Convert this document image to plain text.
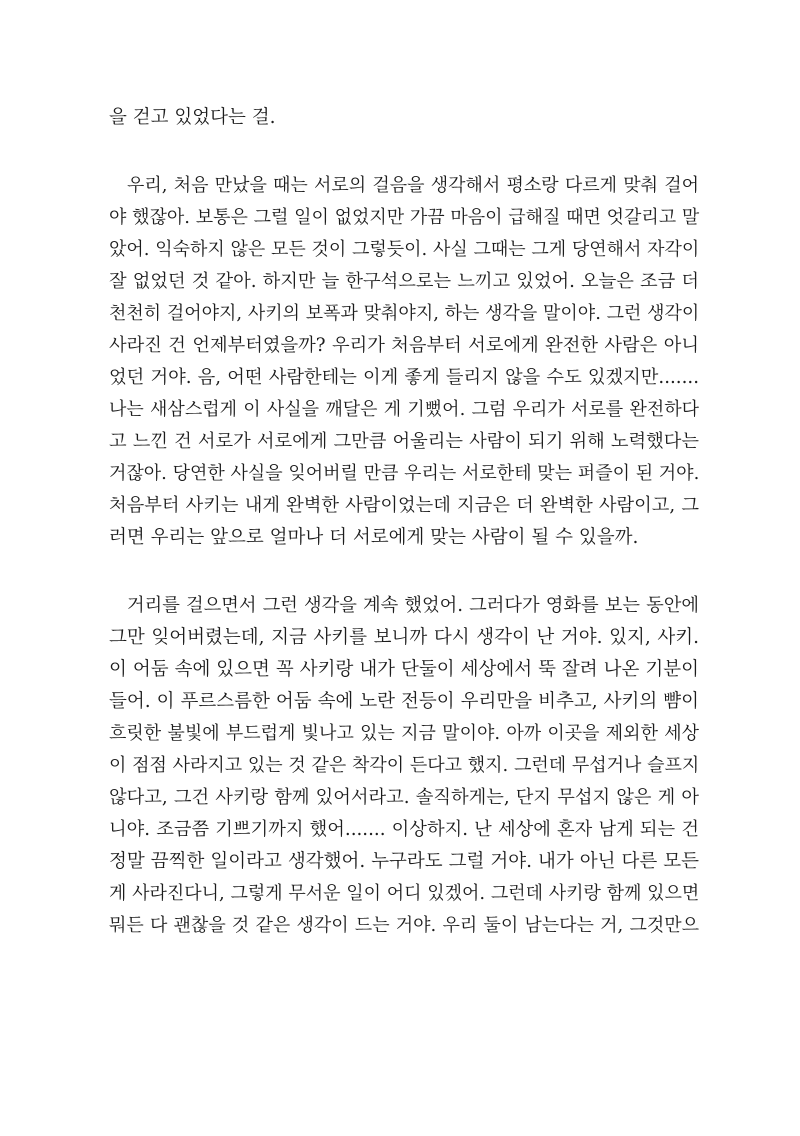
을 걷고 있었다는 걸.
우리, 처음 만났을 때는 서로의 걸음을 생각해서 평소랑 다르게 맞춰 걸어
야 했잖아. 보통은 그럴 일이 없었지만 가끔 마음이 급해질 때면 엇갈리고 말
았어. 익숙하지 않은 모든 것이 그렇듯이. 사실 그때는 그게 당연해서 자각이
잘 없었던 것 같아. 하지만 늘 한구석으로는 느끼고 있었어. 오늘은 조금 더
천천히 걸어야지, 사키의 보폭과 맞춰야지, 하는 생각을 말이야. 그런 생각이
사라진 건 언제부터였을까? 우리가 처음부터 서로에게 완전한 사람은 아니
었던 거야. 음, 어떤 사람한테는 이게 좋게 들리지 않을 수도 있겠지만.......
나는 새삼스럽게 이 사실을 깨달은 게 기뻤어. 그럼 우리가 서로를 완전하다
고 느낀 건 서로가 서로에게 그만큼 어울리는 사람이 되기 위해 노력했다는
거잖아. 당연한 사실을 잊어버릴 만큼 우리는 서로한테 맞는 퍼즐이 된 거야.
처음부터 사키는 내게 완벽한 사람이었는데 지금은 더 완벽한 사람이고, 그
러면 우리는 앞으로 얼마나 더 서로에게 맞는 사람이 될 수 있을까.
거리를 걸으면서 그런 생각을 계속 했었어. 그러다가 영화를 보는 동안에
그만 잊어버렸는데, 지금 사키를 보니까 다시 생각이 난 거야. 있지, 사키.
이 어둠 속에 있으면 꼭 사키랑 내가 단둘이 세상에서 뚝 잘려 나온 기분이
들어. 이 푸르스름한 어둠 속에 노란 전등이 우리만을 비추고, 사키의 뺨이
흐릿한 불빛에 부드럽게 빛나고 있는 지금 말이야. 아까 이곳을 제외한 세상
이 점점 사라지고 있는 것 같은 착각이 든다고 했지. 그런데 무섭거나 슬프지
않다고, 그건 사키랑 함께 있어서라고. 솔직하게는, 단지 무섭지 않은 게 아
니야. 조금쯤 기쁘기까지 했어....... 이상하지. 난 세상에 혼자 남게 되는 건
정말 끔찍한 일이라고 생각했어. 누구라도 그럴 거야. 내가 아닌 다른 모든
게 사라진다니, 그렇게 무서운 일이 어디 있겠어. 그런데 사키랑 함께 있으면
뭐든 다 괜찮을 것 같은 생각이 드는 거야. 우리 둘이 남는다는 거, 그것만으
